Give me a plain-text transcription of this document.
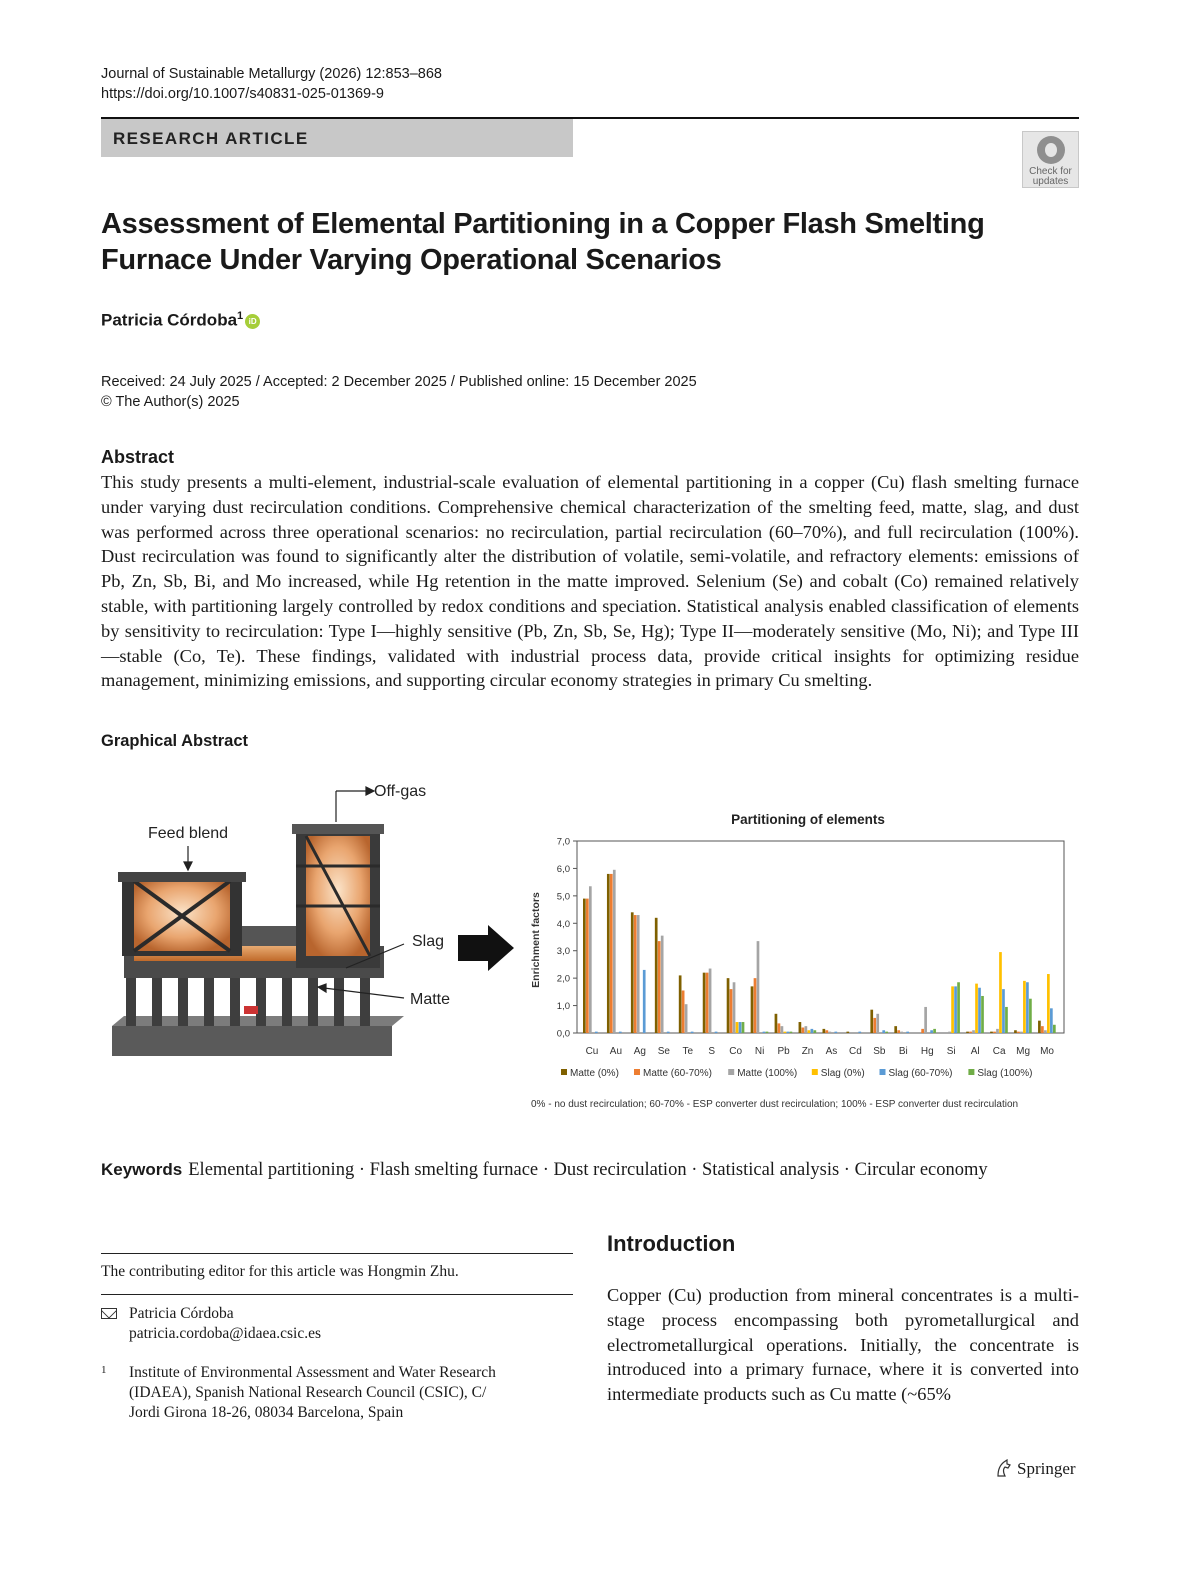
Journal of Sustainable Metallurgy (2026) 12:853–868
https://doi.org/10.1007/s40831-025-01369-9
RESEARCH ARTICLE
Check for
updates
Assessment of Elemental Partitioning in a Copper Flash Smelting
Furnace Under Varying Operational Scenarios
Patricia Córdoba$^1$ iD
Received: 24 July 2025 / Accepted: 2 December 2025 / Published online: 15 December 2025
© The Author(s) 2025
Abstract
This study presents a multi-element, industrial-scale evaluation of elemental partitioning in a copper (Cu) flash smelting furnace under varying dust recirculation conditions. Comprehensive chemical characterization of the smelting feed, matte, slag, and dust was performed across three operational scenarios: no recirculation, partial recirculation (60–70%), and full recirculation (100%). Dust recirculation was found to significantly alter the distribution of volatile, semi-volatile, and refractory elements: emissions of Pb, Zn, Sb, Bi, and Mo increased, while Hg retention in the matte improved. Selenium (Se) and cobalt (Co) remained relatively stable, with partitioning largely controlled by redox conditions and speciation. Statistical analysis enabled classification of elements by sensitivity to recirculation: Type I—highly sensitive (Pb, Zn, Sb, Se, Hg); Type II—moderately sensitive (Mo, Ni); and Type III—stable (Co, Te). These findings, validated with industrial process data, provide critical insights for optimizing residue management, minimizing emissions, and supporting circular economy strategies in primary Cu smelting.
Graphical Abstract
Off-gas
Feed blend
Slag
Matte
Partitioning of elements
Enrichment factors
0,0
1,0
2,0
3,0
4,0
5,0
6,0
7,0
Cu Au Ag Se Te S Co Ni Pb Zn As Cd Sb Bi Hg Si Al Ca Mg Mo
Matte (0%) Matte (60-70%)	Matte (100%) Slag (0%) Slag (60-70%) Slag (100%)
0% - no dust recirculation; 60-70% - ESP converter dust recirculation; 100% - ESP converter dust recirculation
Keywords Elemental partitioning · Flash smelting furnace · Dust recirculation · Statistical analysis · Circular economy
The contributing editor for this article was Hongmin Zhu.
Patricia Córdoba
patricia.cordoba@idaea.csic.es
1	Institute of Environmental Assessment and Water Research
(IDAEA), Spanish National Research Council (CSIC), C/
Jordi Girona 18-26, 08034 Barcelona, Spain
Introduction
Copper (Cu) production from mineral concentrates is a multi-stage process encompassing both pyrometallurgical and electrometallurgical operations. Initially, the concentrate is introduced into a primary furnace, where it is converted into intermediate products such as Cu matte (~65%
Springer
